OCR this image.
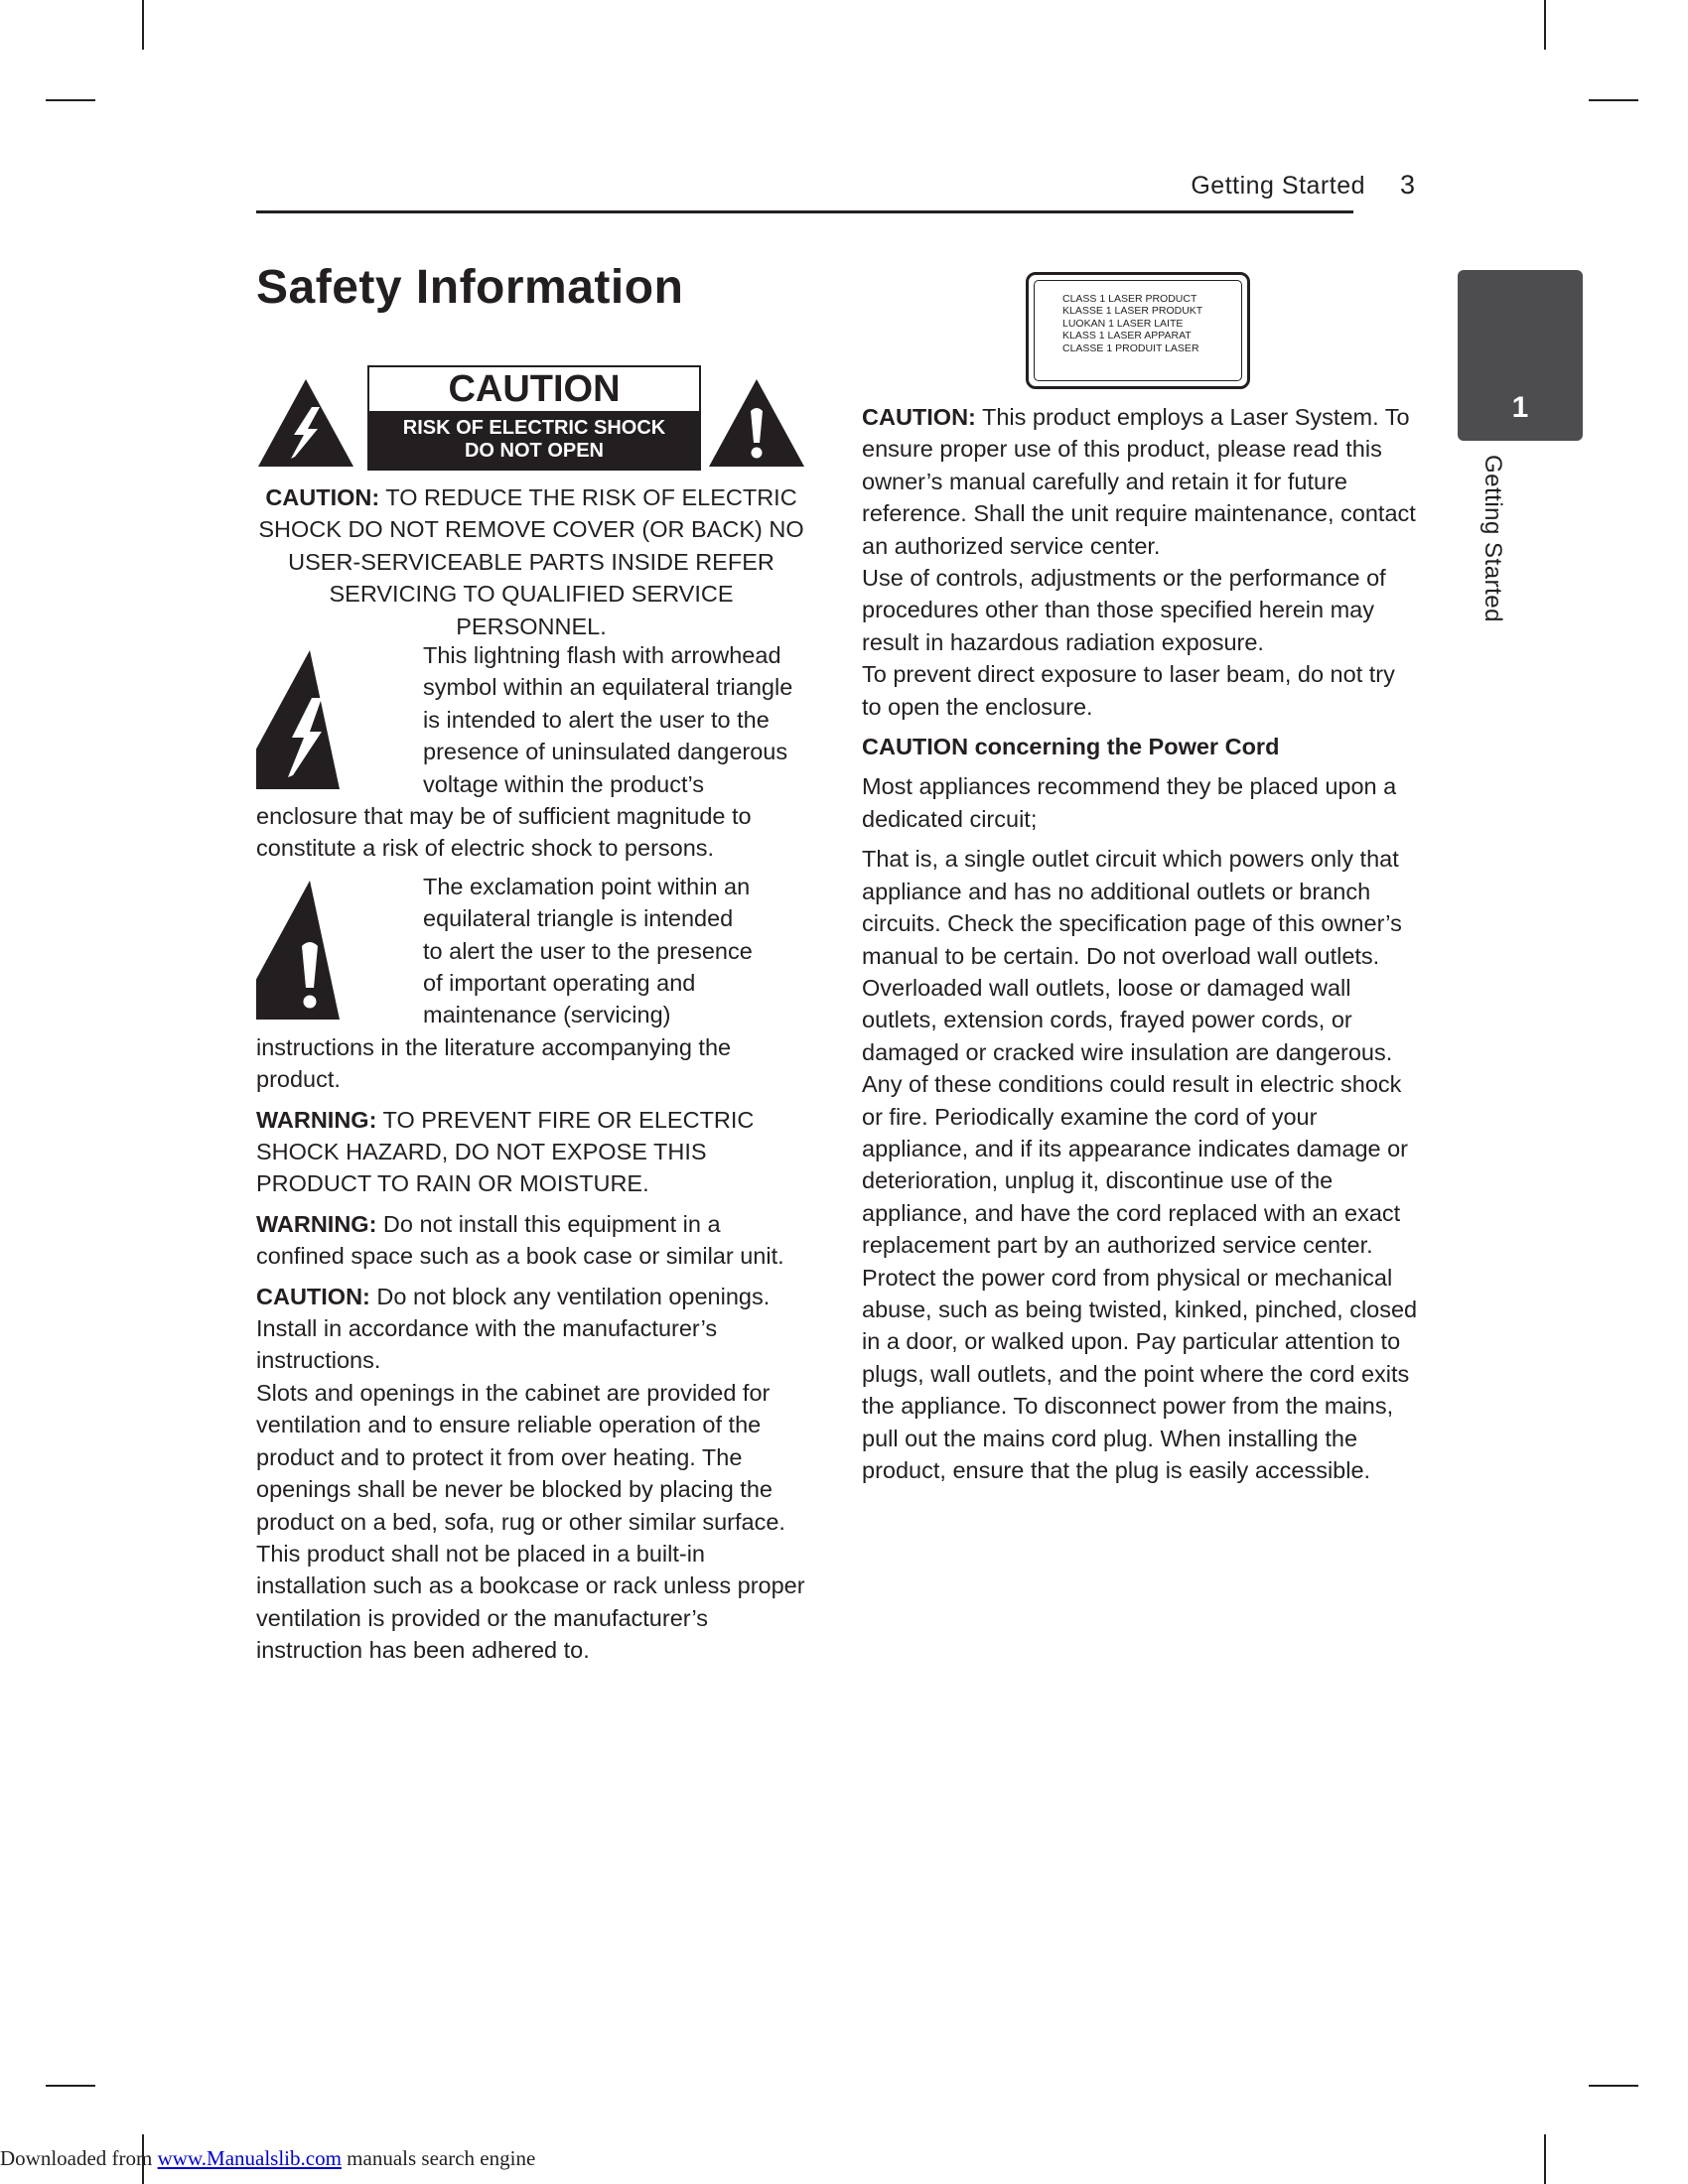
Getting Started 3
1
Getting Started
Safety Information
CAUTION
RISK OF ELECTRIC SHOCK
DO NOT OPEN

CAUTION: TO REDUCE THE RISK OF ELECTRIC SHOCK DO NOT REMOVE COVER (OR BACK) NO USER-SERVICEABLE PARTS INSIDE REFER SERVICING TO QUALIFIED SERVICE PERSONNEL.

This lightning flash with arrowhead
symbol within an equilateral triangle
is intended to alert the user to the
presence of uninsulated dangerous
voltage within the product’s
enclosure that may be of sufficient magnitude to
constitute a risk of electric shock to persons.
The exclamation point within an
equilateral triangle is intended
to alert the user to the presence
of important operating and
maintenance (servicing)
instructions in the literature accompanying the
product.

WARNING: TO PREVENT FIRE OR ELECTRIC SHOCK HAZARD, DO NOT EXPOSE THIS PRODUCT TO RAIN OR MOISTURE.

WARNING: Do not install this equipment in a confined space such as a book case or similar unit.

CAUTION: Do not block any ventilation openings. Install in accordance with the manufacturer’s instructions.

Slots and openings in the cabinet are provided for ventilation and to ensure reliable operation of the product and to protect it from over heating. The openings shall be never be blocked by placing the product on a bed, sofa, rug or other similar surface. This product shall not be placed in a built-in installation such as a bookcase or rack unless proper ventilation is provided or the manufacturer’s instruction has been adhered to.

CLASS 1 LASER PRODUCT
KLASSE 1 LASER PRODUKT
LUOKAN 1 LASER LAITE
KLASS 1 LASER APPARAT
CLASSE 1 PRODUIT LASER

CAUTION: This product employs a Laser System. To ensure proper use of this product, please read this owner’s manual carefully and retain it for future reference. Shall the unit require maintenance, contact an authorized service center.

Use of controls, adjustments or the performance of procedures other than those specified herein may result in hazardous radiation exposure.

To prevent direct exposure to laser beam, do not try to open the enclosure.

CAUTION concerning the Power Cord

Most appliances recommend they be placed upon a dedicated circuit;

That is, a single outlet circuit which powers only that appliance and has no additional outlets or branch circuits. Check the specification page of this owner’s manual to be certain. Do not overload wall outlets. Overloaded wall outlets, loose or damaged wall outlets, extension cords, frayed power cords, or damaged or cracked wire insulation are dangerous. Any of these conditions could result in electric shock or fire. Periodically examine the cord of your appliance, and if its appearance indicates damage or deterioration, unplug it, discontinue use of the appliance, and have the cord replaced with an exact replacement part by an authorized service center. Protect the power cord from physical or mechanical abuse, such as being twisted, kinked, pinched, closed in a door, or walked upon. Pay particular attention to plugs, wall outlets, and the point where the cord exits the appliance. To disconnect power from the mains, pull out the mains cord plug. When installing the product, ensure that the plug is easily accessible.

Downloaded from www.Manualslib.com manuals search engine
